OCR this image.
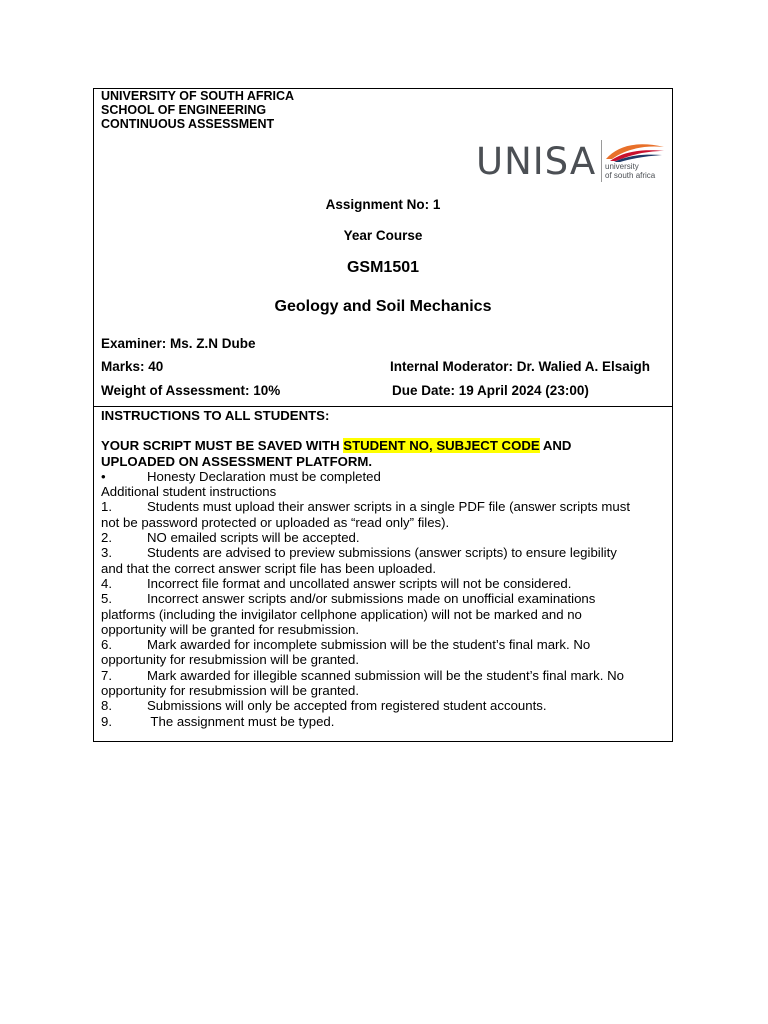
UNIVERSITY OF SOUTH AFRICA
SCHOOL OF ENGINEERING
CONTINUOUS ASSESSMENT
UNISA university
of south africa
Assignment No: 1
Year Course
GSM1501
Geology and Soil Mechanics
Examiner: Ms. Z.N Dube
Marks: 40	Internal Moderator: Dr. Walied A. Elsaigh
Weight of Assessment: 10%	Due Date: 19 April 2024 (23:00)
INSTRUCTIONS TO ALL STUDENTS:
YOUR SCRIPT MUST BE SAVED WITH STUDENT NO, SUBJECT CODE AND
UPLOADED ON ASSESSMENT PLATFORM.
•	Honesty Declaration must be completed
Additional student instructions
1.	Students must upload their answer scripts in a single PDF file (answer scripts must
not be password protected or uploaded as “read only” files).
2.	NO emailed scripts will be accepted.
3.	Students are advised to preview submissions (answer scripts) to ensure legibility
and that the correct answer script file has been uploaded.
4.	Incorrect file format and uncollated answer scripts will not be considered.
5.	Incorrect answer scripts and/or submissions made on unofficial examinations
platforms (including the invigilator cellphone application) will not be marked and no
opportunity will be granted for resubmission.
6.	Mark awarded for incomplete submission will be the student’s final mark. No
opportunity for resubmission will be granted.
7.	Mark awarded for illegible scanned submission will be the student’s final mark. No
opportunity for resubmission will be granted.
8.	Submissions will only be accepted from registered student accounts.
9.	The assignment must be typed.
